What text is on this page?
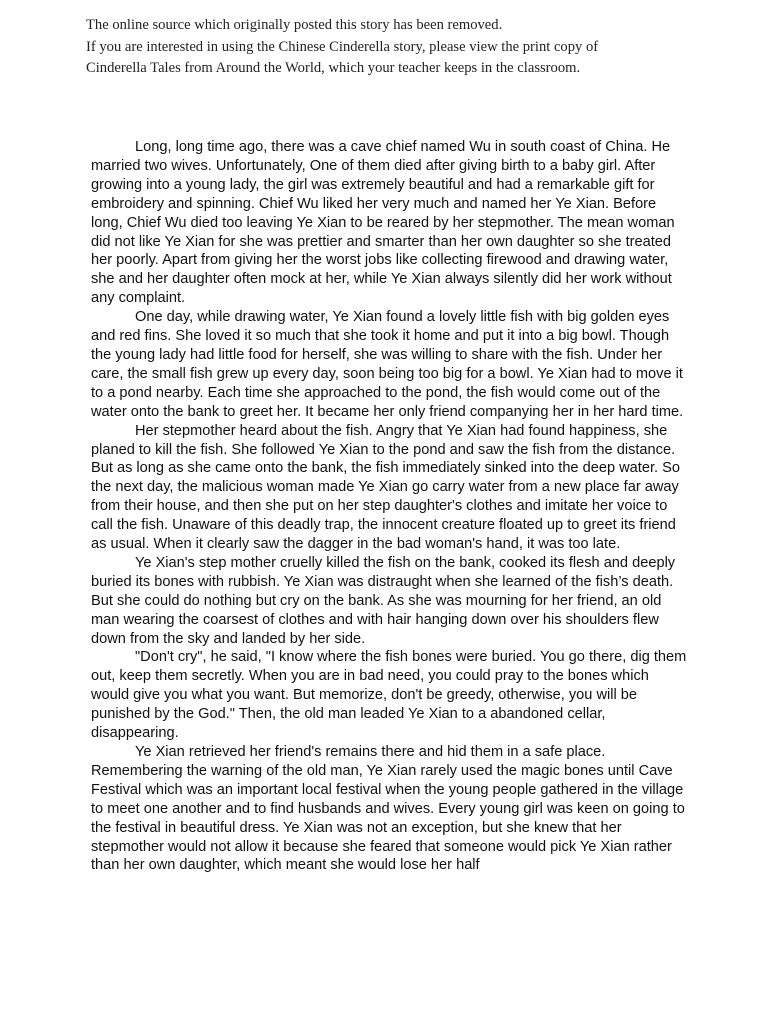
The online source which originally posted this story has been removed.

If you are interested in using the Chinese Cinderella story, please view the print copy of

Cinderella Tales from Around the World, which your teacher keeps in the classroom.

Long, long time ago, there was a cave chief named Wu in south coast of China. He married two wives. Unfortunately, One of them died after giving birth to a baby girl. After growing into a young lady, the girl was extremely beautiful and had a remarkable gift for embroidery and spinning. Chief Wu liked her very much and named her Ye Xian. Before long, Chief Wu died too leaving Ye Xian to be reared by her stepmother. The mean woman did not like Ye Xian for she was prettier and smarter than her own daughter so she treated her poorly. Apart from giving her the worst jobs like collecting firewood and drawing water, she and her daughter often mock at her, while Ye Xian always silently did her work without any complaint.

One day, while drawing water, Ye Xian found a lovely little fish with big golden eyes and red fins. She loved it so much that she took it home and put it into a big bowl. Though the young lady had little food for herself, she was willing to share with the fish. Under her care, the small fish grew up every day, soon being too big for a bowl. Ye Xian had to move it to a pond nearby. Each time she approached to the pond, the fish would come out of the water onto the bank to greet her. It became her only friend companying her in her hard time.

Her stepmother heard about the fish. Angry that Ye Xian had found happiness, she planed to kill the fish. She followed Ye Xian to the pond and saw the fish from the distance. But as long as she came onto the bank, the fish immediately sinked into the deep water. So the next day, the malicious woman made Ye Xian go carry water from a new place far away from their house, and then she put on her step daughter's clothes and imitate her voice to call the fish. Unaware of this deadly trap, the innocent creature floated up to greet its friend as usual. When it clearly saw the dagger in the bad woman's hand, it was too late.

Ye Xian's step mother cruelly killed the fish on the bank, cooked its flesh and deeply buried its bones with rubbish. Ye Xian was distraught when she learned of the fish’s death. But she could do nothing but cry on the bank. As she was mourning for her friend, an old man wearing the coarsest of clothes and with hair hanging down over his shoulders flew down from the sky and landed by her side.

"Don't cry", he said, "I know where the fish bones were buried. You go there, dig them out, keep them secretly. When you are in bad need, you could pray to the bones which would give you what you want. But memorize, don't be greedy, otherwise, you will be punished by the God." Then, the old man leaded Ye Xian to a abandoned cellar, disappearing.

Ye Xian retrieved her friend's remains there and hid them in a safe place. Remembering the warning of the old man, Ye Xian rarely used the magic bones until Cave Festival which was an important local festival when the young people gathered in the village to meet one another and to find husbands and wives. Every young girl was keen on going to the festival in beautiful dress. Ye Xian was not an exception, but she knew that her stepmother would not allow it because she feared that someone would pick Ye Xian rather than her own daughter, which meant she would lose her half
